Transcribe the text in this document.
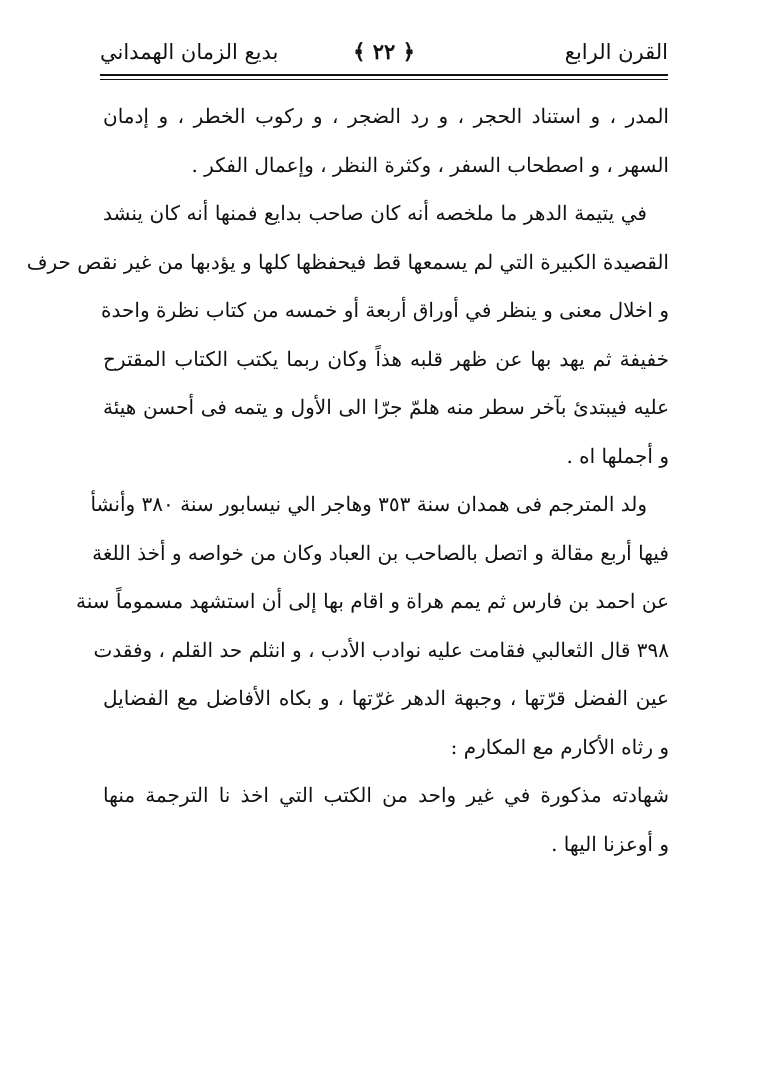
القرن الرابع
﴿ ٢٢ ﴾
بديع الزمان الهمداني
المدر ، و استناد الحجر ، و رد الضجر ، و ركوب الخطر ، و إدمان
السهر ، و اصطحاب السفر ، وكثرة النظر ، وإعمال الفكر .
في يتيمة الدهر ما ملخصه أنه كان صاحب بدايع فمنها أنه كان ينشد
القصيدة الكبيرة التي لم يسمعها قط فيحفظها كلها و يؤدبها من غير نقص حرف
و اخلال معنى و ينظر في أوراق أربعة أو خمسه من كتاب نظرة واحدة
خفيفة ثم يهد بها عن ظهر قلبه هذاً وكان ربما يكتب الكتاب المقترح
عليه فيبتدئ بآخر سطر منه هلمّ جرّا الى الأول و يتمه فى أحسن هيئة
و أجملها اه .
ولد المترجم فى همدان سنة ٣٥٣ وهاجر الي نيسابور سنة ٣٨٠ وأنشأ
فيها أربع مقالة و اتصل بالصاحب بن العباد وكان من خواصه و أخذ اللغة
عن احمد بن فارس ثم يمم هراة و اقام بها إلى أن استشهد مسموماً سنة
٣٩٨ قال الثعالبي فقامت عليه نوادب الأدب ، و انثلم حد القلم ، وفقدت
عين الفضل قرّتها ، وجبهة الدهر غرّتها ، و بكاه الأفاضل مع الفضايل
و رثاه الأكارم مع المكارم :
شهادته مذكورة في غير واحد من الكتب التي اخذ نا الترجمة منها
و أوعزنا اليها .
